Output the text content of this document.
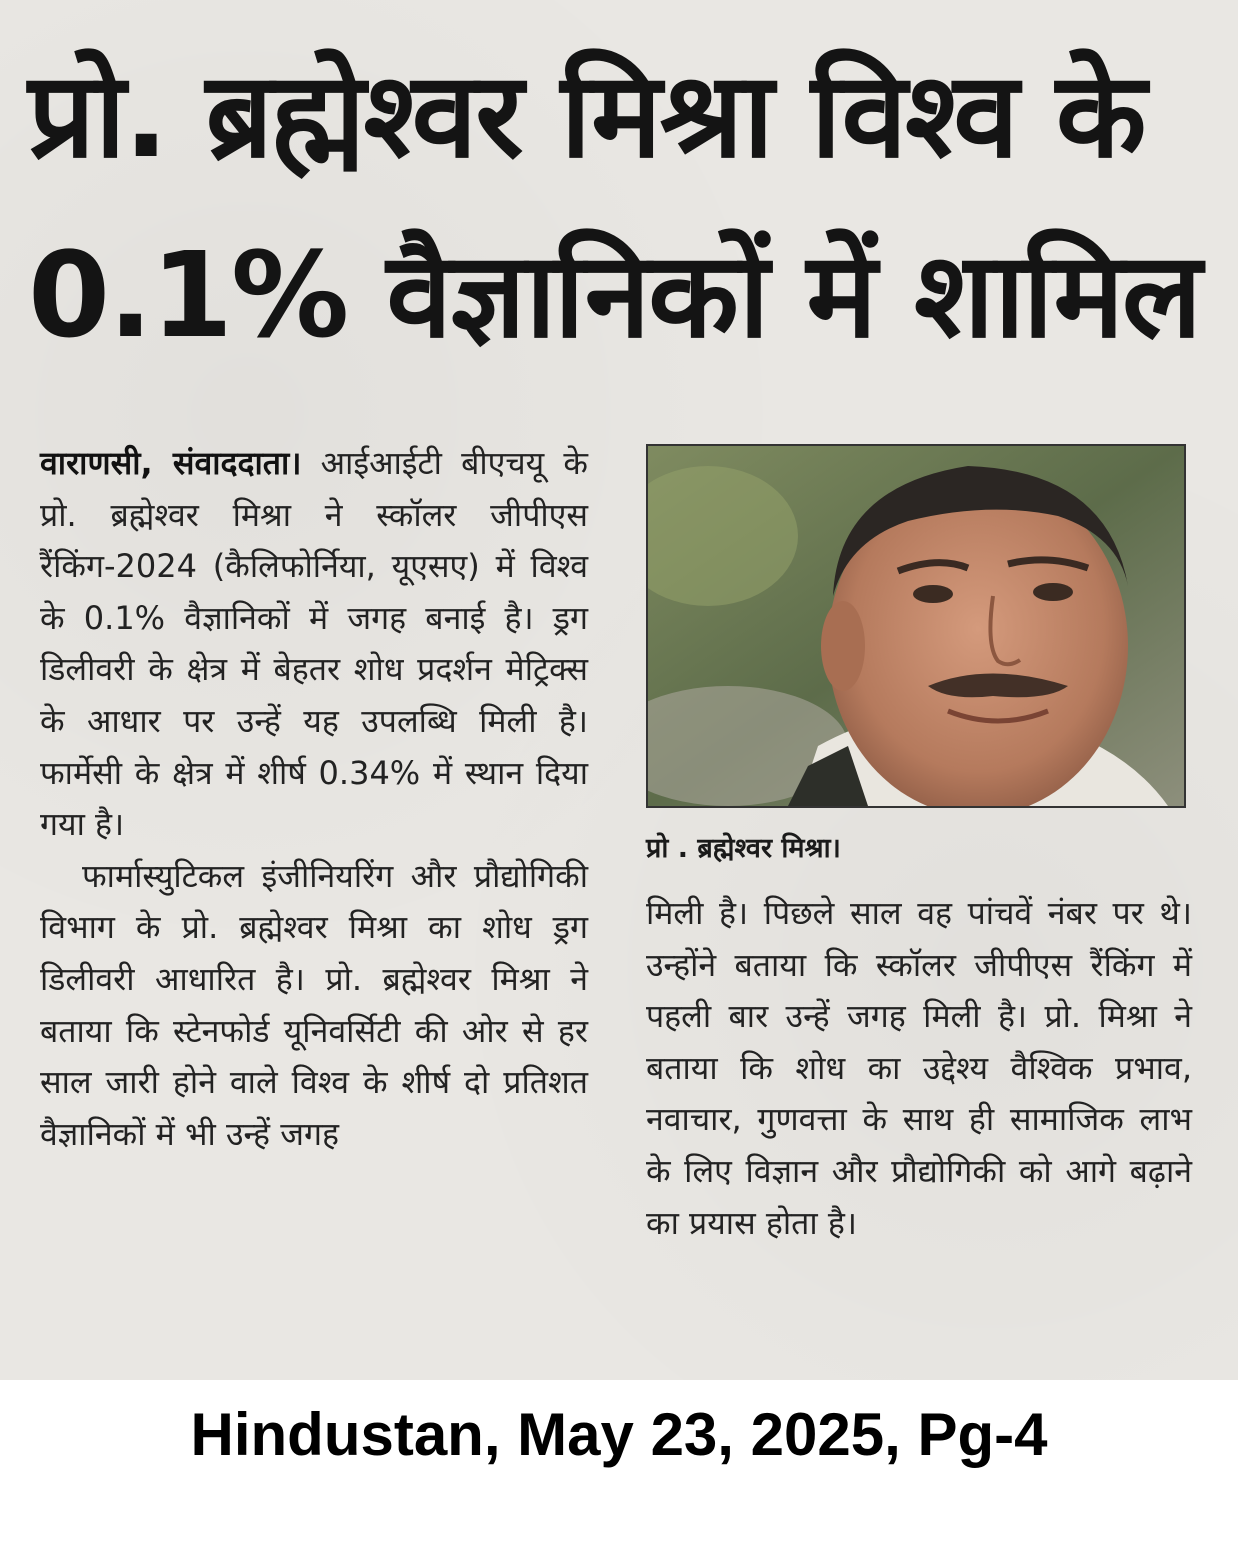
प्रो. ब्रह्मेश्वर मिश्रा विश्व के
0.1% वैज्ञानिकों में शामिल

वाराणसी, संवाददाता। आईआईटी बीएचयू के प्रो. ब्रह्मेश्वर मिश्रा ने स्कॉलर जीपीएस रैंकिंग-2024 (कैलिफोर्निया, यूएसए) में विश्व के 0.1% वैज्ञानिकों में जगह बनाई है। ड्रग डिलीवरी के क्षेत्र में बेहतर शोध प्रदर्शन मेट्रिक्स के आधार पर उन्हें यह उपलब्धि मिली है। फार्मेसी के क्षेत्र में शीर्ष 0.34% में स्थान दिया गया है।

फार्मास्युटिकल इंजीनियरिंग और प्रौद्योगिकी विभाग के प्रो. ब्रह्मेश्वर मिश्रा का शोध ड्रग डिलीवरी आधारित है। प्रो. ब्रह्मेश्वर मिश्रा ने बताया कि स्टेनफोर्ड यूनिवर्सिटी की ओर से हर साल जारी होने वाले विश्व के शीर्ष दो प्रतिशत वैज्ञानिकों में भी उन्हें जगह

प्रो . ब्रह्मेश्वर मिश्रा।

मिली है। पिछले साल वह पांचवें नंबर पर थे। उन्होंने बताया कि स्कॉलर जीपीएस रैंकिंग में पहली बार उन्हें जगह मिली है। प्रो. मिश्रा ने बताया कि शोध का उद्देश्य वैश्विक प्रभाव, नवाचार, गुणवत्ता के साथ ही सामाजिक लाभ के लिए विज्ञान और प्रौद्योगिकी को आगे बढ़ाने का प्रयास होता है।

Hindustan, May 23, 2025, Pg-4
